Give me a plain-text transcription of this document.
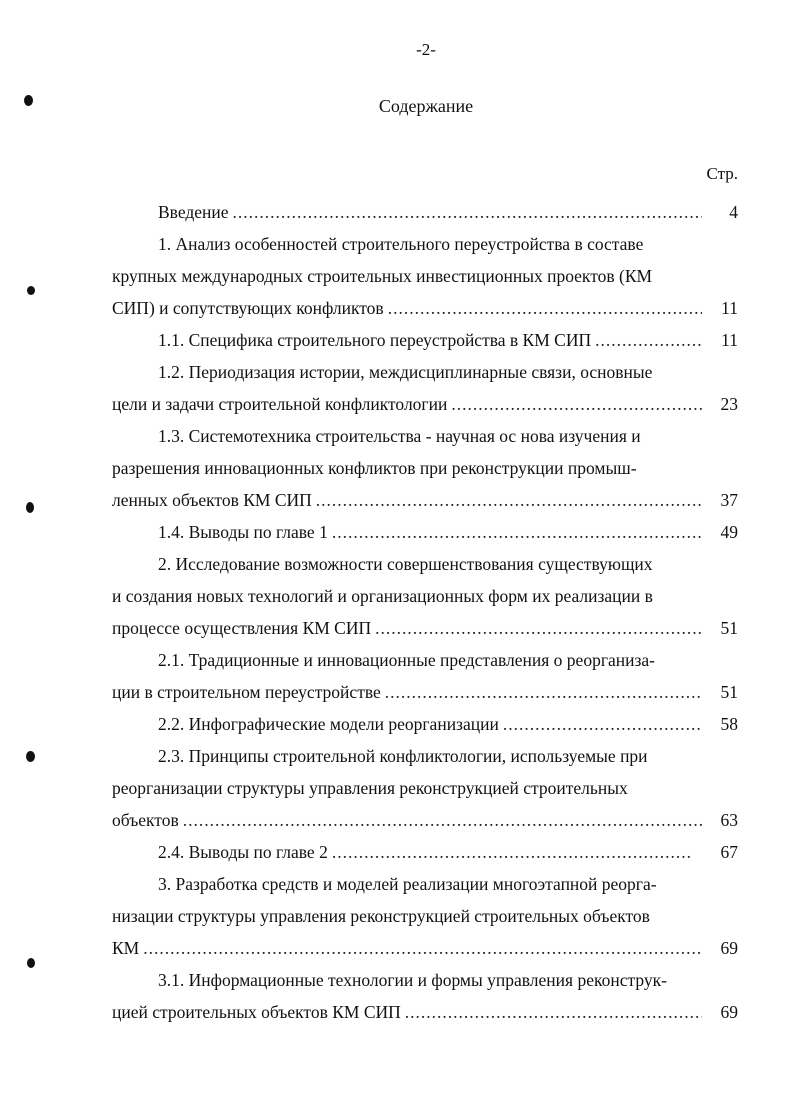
-2-
Содержание
Стр.
Введение .....	4
1. Анализ особенностей строительного переустройства в составе
крупных международных строительных инвестиционных проектов (КМ
СИП) и сопутствующих конфликтов .....	11
1.1. Специфика строительного переустройства в КМ СИП .....	11
1.2. Периодизация истории, междисциплинарные связи, основные
цели и задачи строительной конфликтологии .....	23
1.3. Системотехника строительства - научная ос нова изучения и
разрешения инновационных конфликтов при реконструкции промыш-
ленных объектов КМ СИП .....	37
1.4. Выводы по главе 1 .....	49
2. Исследование возможности совершенствования существующих
и создания новых технологий и организационных форм их реализации в
процессе осуществления КМ СИП .....	51
2.1. Традиционные и инновационные представления о реорганиза-
ции в строительном переустройстве .....	51
2.2. Инфографические модели реорганизации .....	58
2.3. Принципы строительной конфликтологии, используемые при
реорганизации структуры управления реконструкцией строительных
объектов .....	63
2.4. Выводы по главе 2 .....	67
3. Разработка средств и моделей реализации многоэтапной реорга-
низации структуры управления реконструкцией строительных объектов
КМ .....	69
3.1. Информационные технологии и формы управления реконструк-
цией строительных объектов КМ СИП .....	69
